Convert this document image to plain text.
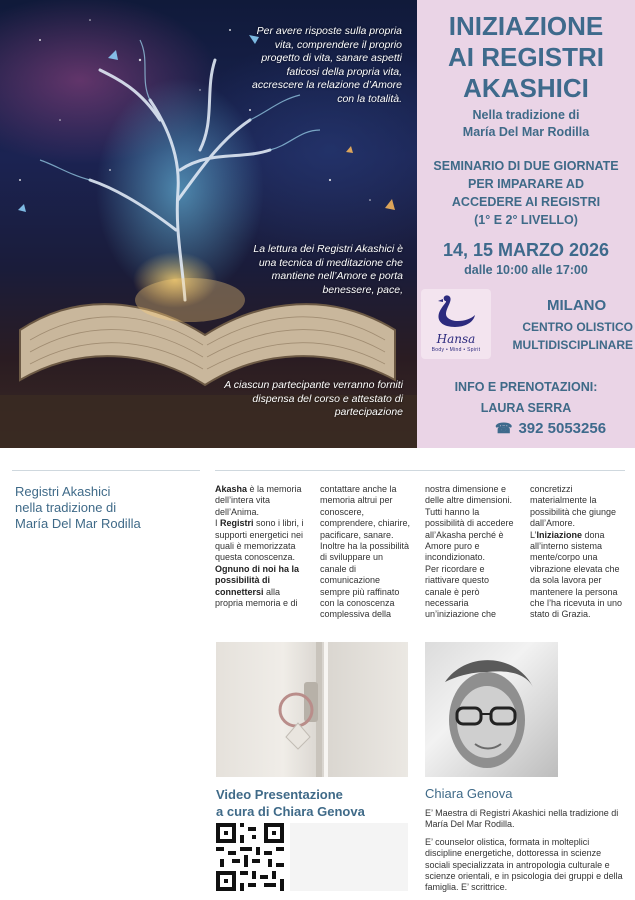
Per avere risposte sulla propria vita, comprendere il proprio progetto di vita, sanare aspetti faticosi della propria vita, accrescere la relazione d’Amore con la totalità.
La lettura dei Registri Akashici è una tecnica di meditazione che mantiene nell’Amore e porta benessere, pace,
A ciascun partecipante verranno forniti dispensa del corso e attestato di partecipazione
INIZIAZIONE
AI REGISTRI
AKASHICI
Nella tradizione di
María Del Mar Rodilla
SEMINARIO DI DUE GIORNATE
PER IMPARARE AD
ACCEDERE AI REGISTRI
(1° E 2° LIVELLO)
14, 15 MARZO 2026
dalle 10:00 alle 17:00
Hansa
Body • Mind • Spirit
MILANO
CENTRO OLISTICO
MULTIDISCIPLINARE
INFO E PRENOTAZIONI:
LAURA SERRA
☎ 392 5053256
Registri Akashici
nella tradizione di
María Del Mar Rodilla
Akasha è la memoria dell’intera vita dell’Anima.
I Registri sono i libri, i supporti energetici nei quali è memorizzata questa conoscenza.
Ognuno di noi ha la possibilità di connettersi alla propria memoria e di
contattare anche la memoria altrui per conoscere, comprendere, chiarire, pacificare, sanare. Inoltre ha la possibilità di sviluppare un canale di comunicazione sempre più raffinato con la conoscenza complessiva della
nostra dimensione e delle altre dimensioni. Tutti hanno la possibilità di accedere all’Akasha perché è Amore puro e incondizionato.
Per ricordare e riattivare questo canale è però necessaria un’iniziazione che
concretizzi materialmente la possibilità che giunge dall’Amore.
L’Iniziazione dona all’interno sistema mente/corpo una vibrazione elevata che da sola lavora per mantenere la persona che l’ha ricevuta in uno stato di Grazia.
Video Presentazione
a cura di Chiara Genova
Chiara Genova

E’ Maestra di Registri Akashici nella tradizione di María Del Mar Rodilla.

E’ counselor olistica, formata in molteplici discipline energetiche, dottoressa in scienze sociali specializzata in antropologia culturale e scienze orientali, e in psicologia dei gruppi e della famiglia. E’ scrittrice.
